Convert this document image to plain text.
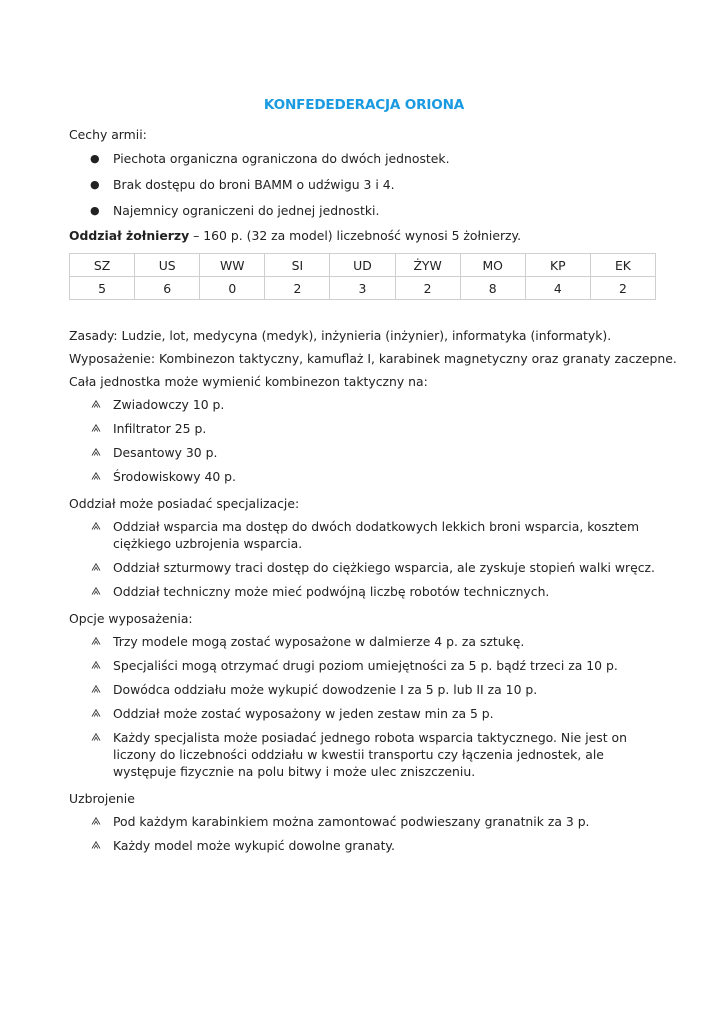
KONFEDEDERACJA ORIONA

Cechy armii:

● Piechota organiczna ograniczona do dwóch jednostek.
● Brak dostępu do broni BAMM o udźwigu 3 i 4.
● Najemnicy ograniczeni do jednej jednostki.

Oddział żołnierzy – 160 p. (32 za model) liczebność wynosi 5 żołnierzy.

SZ	US	WW	SI	UD	ŻYW	MO	KP	EK
5	6	0	2	3	2	8	4	2

Zasady: Ludzie, lot, medycyna (medyk), inżynieria (inżynier), informatyka (informatyk).

Wyposażenie: Kombinezon taktyczny, kamuflaż I, karabinek magnetyczny oraz granaty zaczepne.

Cała jednostka może wymienić kombinezon taktyczny na:

Zwiadowczy 10 p.
Infiltrator 25 p.
Desantowy 30 p.
Środowiskowy 40 p.

Oddział może posiadać specjalizacje:

Oddział wsparcia ma dostęp do dwóch dodatkowych lekkich broni wsparcia, kosztem ciężkiego uzbrojenia wsparcia.
Oddział szturmowy traci dostęp do ciężkiego wsparcia, ale zyskuje stopień walki wręcz.
Oddział techniczny może mieć podwójną liczbę robotów technicznych.

Opcje wyposażenia:

Trzy modele mogą zostać wyposażone w dalmierze 4 p. za sztukę.
Specjaliści mogą otrzymać drugi poziom umiejętności za 5 p. bądź trzeci za 10 p.
Dowódca oddziału może wykupić dowodzenie I za 5 p. lub II za 10 p.
Oddział może zostać wyposażony w jeden zestaw min za 5 p.
Każdy specjalista może posiadać jednego robota wsparcia taktycznego. Nie jest on liczony do liczebności oddziału w kwestii transportu czy łączenia jednostek, ale występuje fizycznie na polu bitwy i może ulec zniszczeniu.

Uzbrojenie

Pod każdym karabinkiem można zamontować podwieszany granatnik za 3 p.
Każdy model może wykupić dowolne granaty.
